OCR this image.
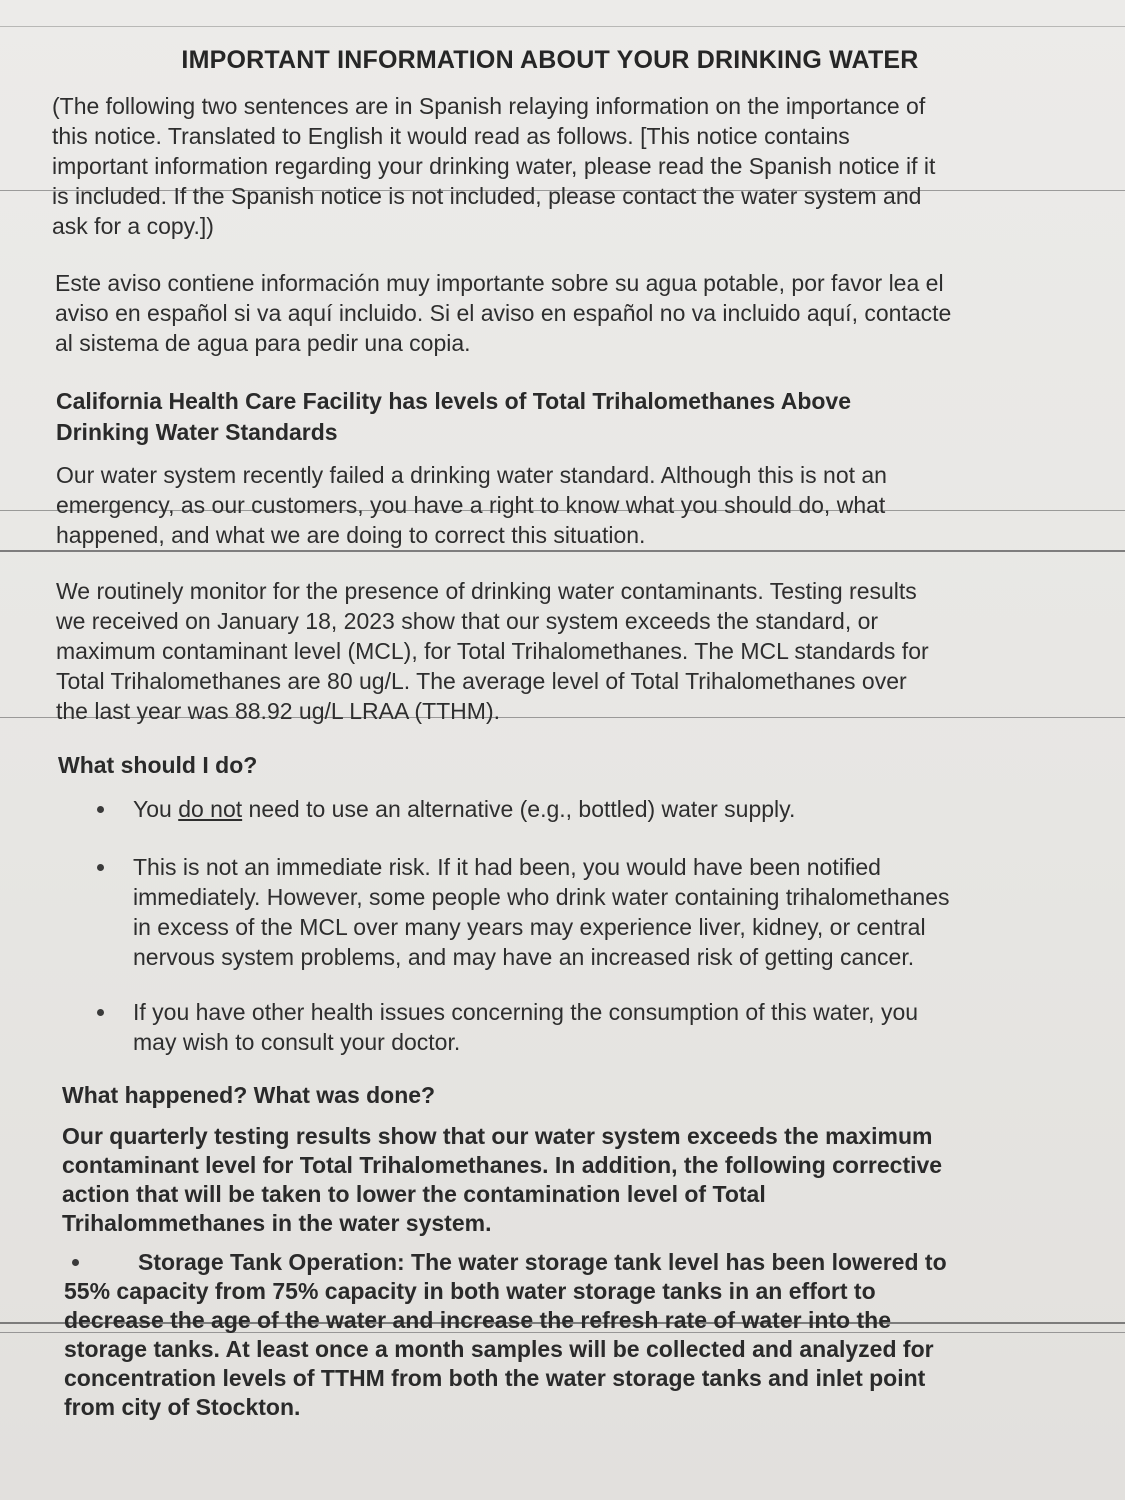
IMPORTANT INFORMATION ABOUT YOUR DRINKING WATER
(The following two sentences are in Spanish relaying information on the importance of
this notice. Translated to English it would read as follows. [This notice contains
important information regarding your drinking water, please read the Spanish notice if it
is included. If the Spanish notice is not included, please contact the water system and
ask for a copy.])
Este aviso contiene información muy importante sobre su agua potable, por favor lea el
aviso en español si va aquí incluido. Si el aviso en español no va incluido aquí, contacte
al sistema de agua para pedir una copia.
California Health Care Facility has levels of Total Trihalomethanes Above
Drinking Water Standards
Our water system recently failed a drinking water standard. Although this is not an
emergency, as our customers, you have a right to know what you should do, what
happened, and what we are doing to correct this situation.
We routinely monitor for the presence of drinking water contaminants. Testing results
we received on January 18, 2023 show that our system exceeds the standard, or
maximum contaminant level (MCL), for Total Trihalomethanes. The MCL standards for
Total Trihalomethanes are 80 ug/L. The average level of Total Trihalomethanes over
the last year was 88.92 ug/L LRAA (TTHM).
What should I do?
You do not need to use an alternative (e.g., bottled) water supply.
This is not an immediate risk. If it had been, you would have been notified
immediately. However, some people who drink water containing trihalomethanes
in excess of the MCL over many years may experience liver, kidney, or central
nervous system problems, and may have an increased risk of getting cancer.
If you have other health issues concerning the consumption of this water, you
may wish to consult your doctor.
What happened? What was done?
Our quarterly testing results show that our water system exceeds the maximum
contaminant level for Total Trihalomethanes. In addition, the following corrective
action that will be taken to lower the contamination level of Total
Trihalommethanes in the water system.
Storage Tank Operation: The water storage tank level has been lowered to
55% capacity from 75% capacity in both water storage tanks in an effort to
decrease the age of the water and increase the refresh rate of water into the
storage tanks. At least once a month samples will be collected and analyzed for
concentration levels of TTHM from both the water storage tanks and inlet point
from city of Stockton.
